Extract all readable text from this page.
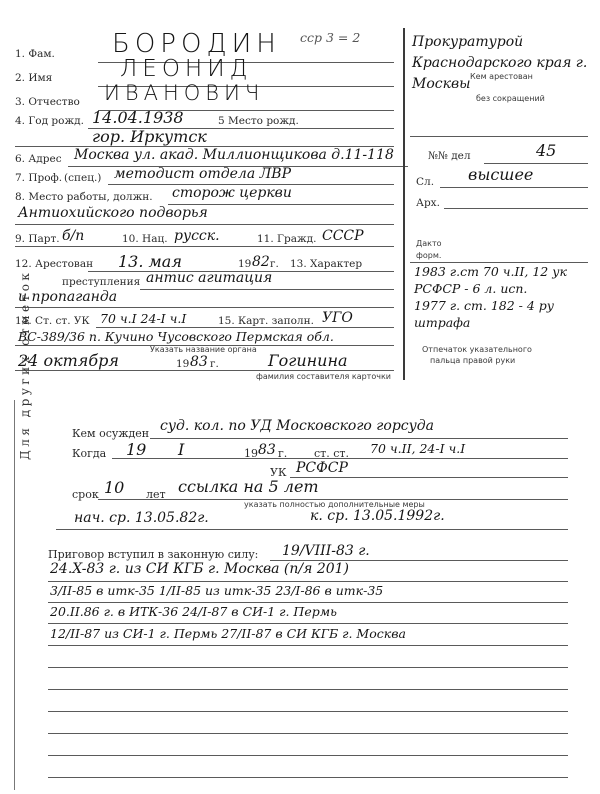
1. Фам. БОРОДИН сср 3 = 2
2. Имя	ЛЕОНИД
3. Отчество ИВАНОВИЧ
4. Год рожд. 14.04.1938	5 Место рожд.
гор. Иркутск
6. Адрес Москва ул. акад. Миллионщикова д.11-118
7. Проф. (спец.) методист отдела ЛВР
8. Место работы, должн. сторож церкви
Антиохийского подворья
9. Парт. б/п	10. Нац. русск.	11. Гражд. СССР
12. Арестован 13. мая	19 82 г. 13. Характер
преступления антис агитация
и пропаганда
14. Ст. ст. УК 70 ч.I 24-I ч.I	15. Карт. заполн. УГО
ВС-389/36 п. Кучино Чусовского Пермская обл.
Указать название органа
24 октября	19 83 г.	Гогинина
фамилия составителя карточки
Прокуратурой Краснодарского края г. Москвы Кем арестован
без сокращений
№№ дел	45
Сл. высшее
Арх.
Дакто
форм.
1983 г.ст 70 ч.II, 12 ук
РСФСР - 6 л. исп.
1977 г. ст. 182 - 4 ру
штрафа
Отпечаток указательного
пальца правой руки
Для других отметок	Кем осужден суд. кол. по УД Московского горсуда
Когда 19 I	19 83 г. ст. ст. 70 ч.II, 24-I ч.I
УК РСФСР
срок 10 лет ссылка на 5 лет
указать полностью дополнительные меры
нач. ср. 13.05.82г.	к. ср. 13.05.1992г.
Приговор вступил в законную силу: 19/VIII-83 г.
24.X-83 г. из СИ КГБ г. Москва (п/я 201)
3/II-85 в итк-35 1/II-85 из итк-35 23/I-86 в итк-35
20.II.86 г. в ИТК-36 24/I-87 в СИ-1 г. Пермь
12/II-87 из СИ-1 г. Пермь 27/II-87 в СИ КГБ г. Москва
